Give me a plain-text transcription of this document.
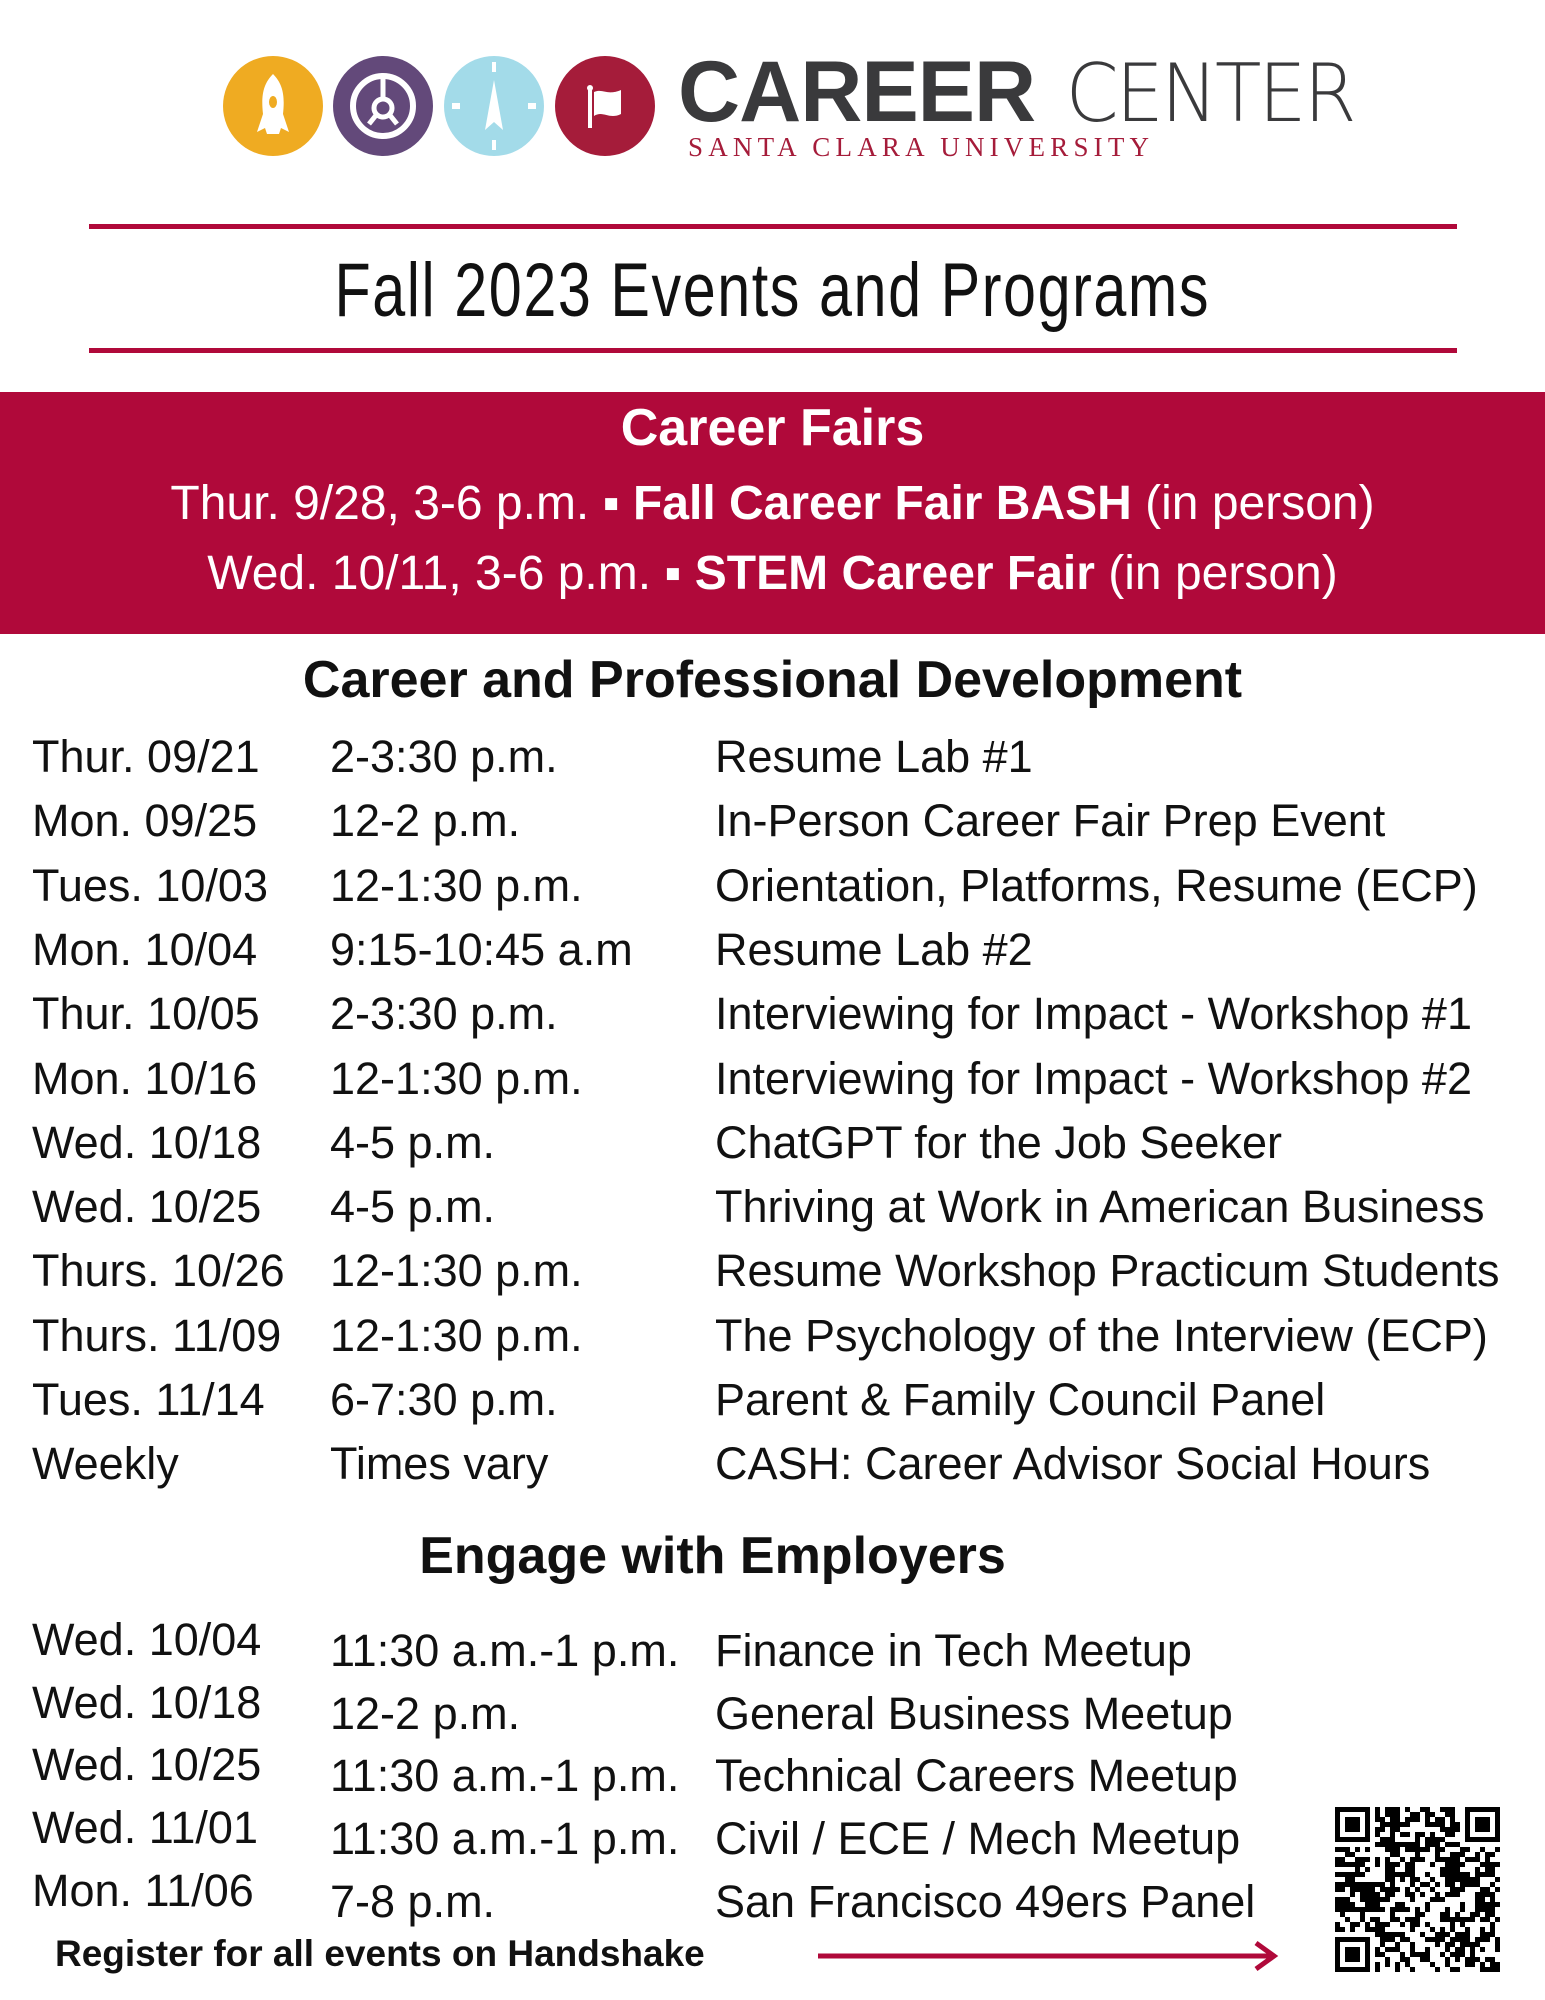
CAREER CENTER
SANTA CLARA UNIVERSITY
Fall 2023 Events and Programs
Career Fairs
Thur. 9/28, 3-6 p.m. ▪ Fall Career Fair BASH (in person)
Wed. 10/11, 3-6 p.m. ▪ STEM Career Fair (in person)
Career and Professional Development
Thur. 09/21 2-3:30 p.m.	Resume Lab #1
Mon. 09/25 12-2 p.m.	In-Person Career Fair Prep Event
Tues. 10/03 12-1:30 p.m.	Orientation, Platforms, Resume (ECP)
Mon. 10/04 9:15-10:45 a.m Resume Lab #2
Thur. 10/05 2-3:30 p.m.	Interviewing for Impact - Workshop #1
Mon. 10/16 12-1:30 p.m.	Interviewing for Impact - Workshop #2
Wed. 10/18 4-5 p.m.	ChatGPT for the Job Seeker
Wed. 10/25 4-5 p.m.	Thriving at Work in American Business
Thurs. 10/26 12-1:30 p.m.	Resume Workshop Practicum Students
Thurs. 11/09 12-1:30 p.m.	The Psychology of the Interview (ECP)
Tues. 11/14 6-7:30 p.m.	Parent & Family Council Panel
Weekly	Times vary	CASH: Career Advisor Social Hours
Engage with Employers
Wed. 10/04 11:30 a.m.-1 p.m. Finance in Tech Meetup
Wed. 10/18 12-2 p.m.	General Business Meetup
Wed. 10/25 11:30 a.m.-1 p.m. Technical Careers Meetup
Wed. 11/01 11:30 a.m.-1 p.m. Civil / ECE / Mech Meetup
Mon. 11/06 7-8 p.m.	San Francisco 49ers Panel
Register for all events on Handshake
